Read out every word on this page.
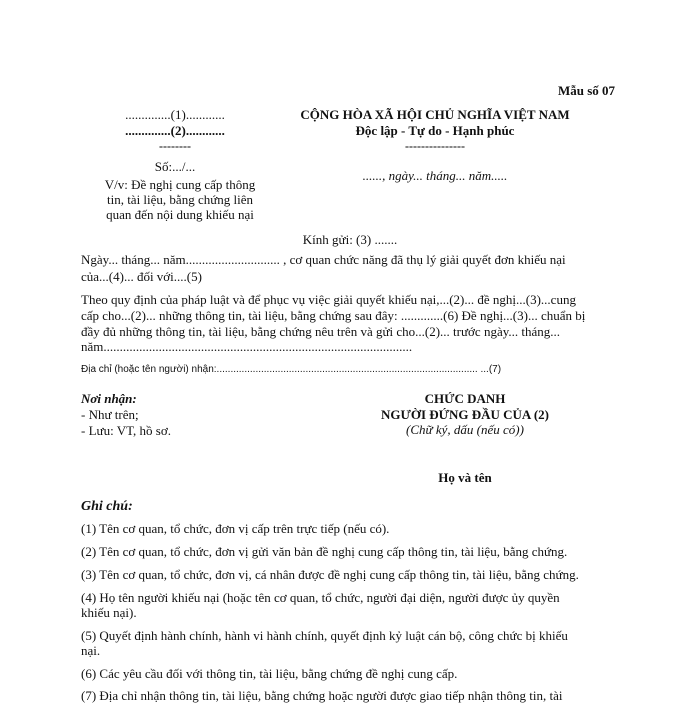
Mẫu số 07
..............(1)............
..............(2)............
--------
Số:.../...
V/v: Đề nghị cung cấp thông
tin, tài liệu, bằng chứng liên
quan đến nội dung khiếu nại
CỘNG HÒA XÃ HỘI CHỦ NGHĨA VIỆT NAM
Độc lập - Tự do - Hạnh phúc
---------------
......, ngày... tháng... năm.....
Kính gửi: (3) .......
Ngày... tháng... năm............................. , cơ quan chức năng đã thụ lý giải quyết đơn khiếu nại
của...(4)... đối với....(5)
Theo quy định của pháp luật và để phục vụ việc giải quyết khiếu nại,...(2)... đề nghị...(3)...cung
cấp cho...(2)... những thông tin, tài liệu, bằng chứng sau đây: .............(6) Đề nghị...(3)... chuẩn bị
đầy đủ những thông tin, tài liệu, bằng chứng nêu trên và gửi cho...(2)... trước ngày... tháng...
năm...............................................................................................
Địa chỉ (hoặc tên người) nhận:.............................................................................................. ...(7)
Nơi nhận:
- Như trên;
- Lưu: VT, hồ sơ.
CHỨC DANH
NGƯỜI ĐỨNG ĐẦU CỦA (2)
(Chữ ký, dấu (nếu có))
Họ và tên
Ghi chú:
(1) Tên cơ quan, tổ chức, đơn vị cấp trên trực tiếp (nếu có).
(2) Tên cơ quan, tổ chức, đơn vị gửi văn bản đề nghị cung cấp thông tin, tài liệu, bằng chứng.
(3) Tên cơ quan, tổ chức, đơn vị, cá nhân được đề nghị cung cấp thông tin, tài liệu, bằng chứng.
(4) Họ tên người khiếu nại (hoặc tên cơ quan, tổ chức, người đại diện, người được ủy quyền
khiếu nại).
(5) Quyết định hành chính, hành vi hành chính, quyết định kỷ luật cán bộ, công chức bị khiếu
nại.
(6) Các yêu cầu đối với thông tin, tài liệu, bằng chứng đề nghị cung cấp.
(7) Địa chỉ nhận thông tin, tài liệu, bằng chứng hoặc người được giao tiếp nhận thông tin, tài
